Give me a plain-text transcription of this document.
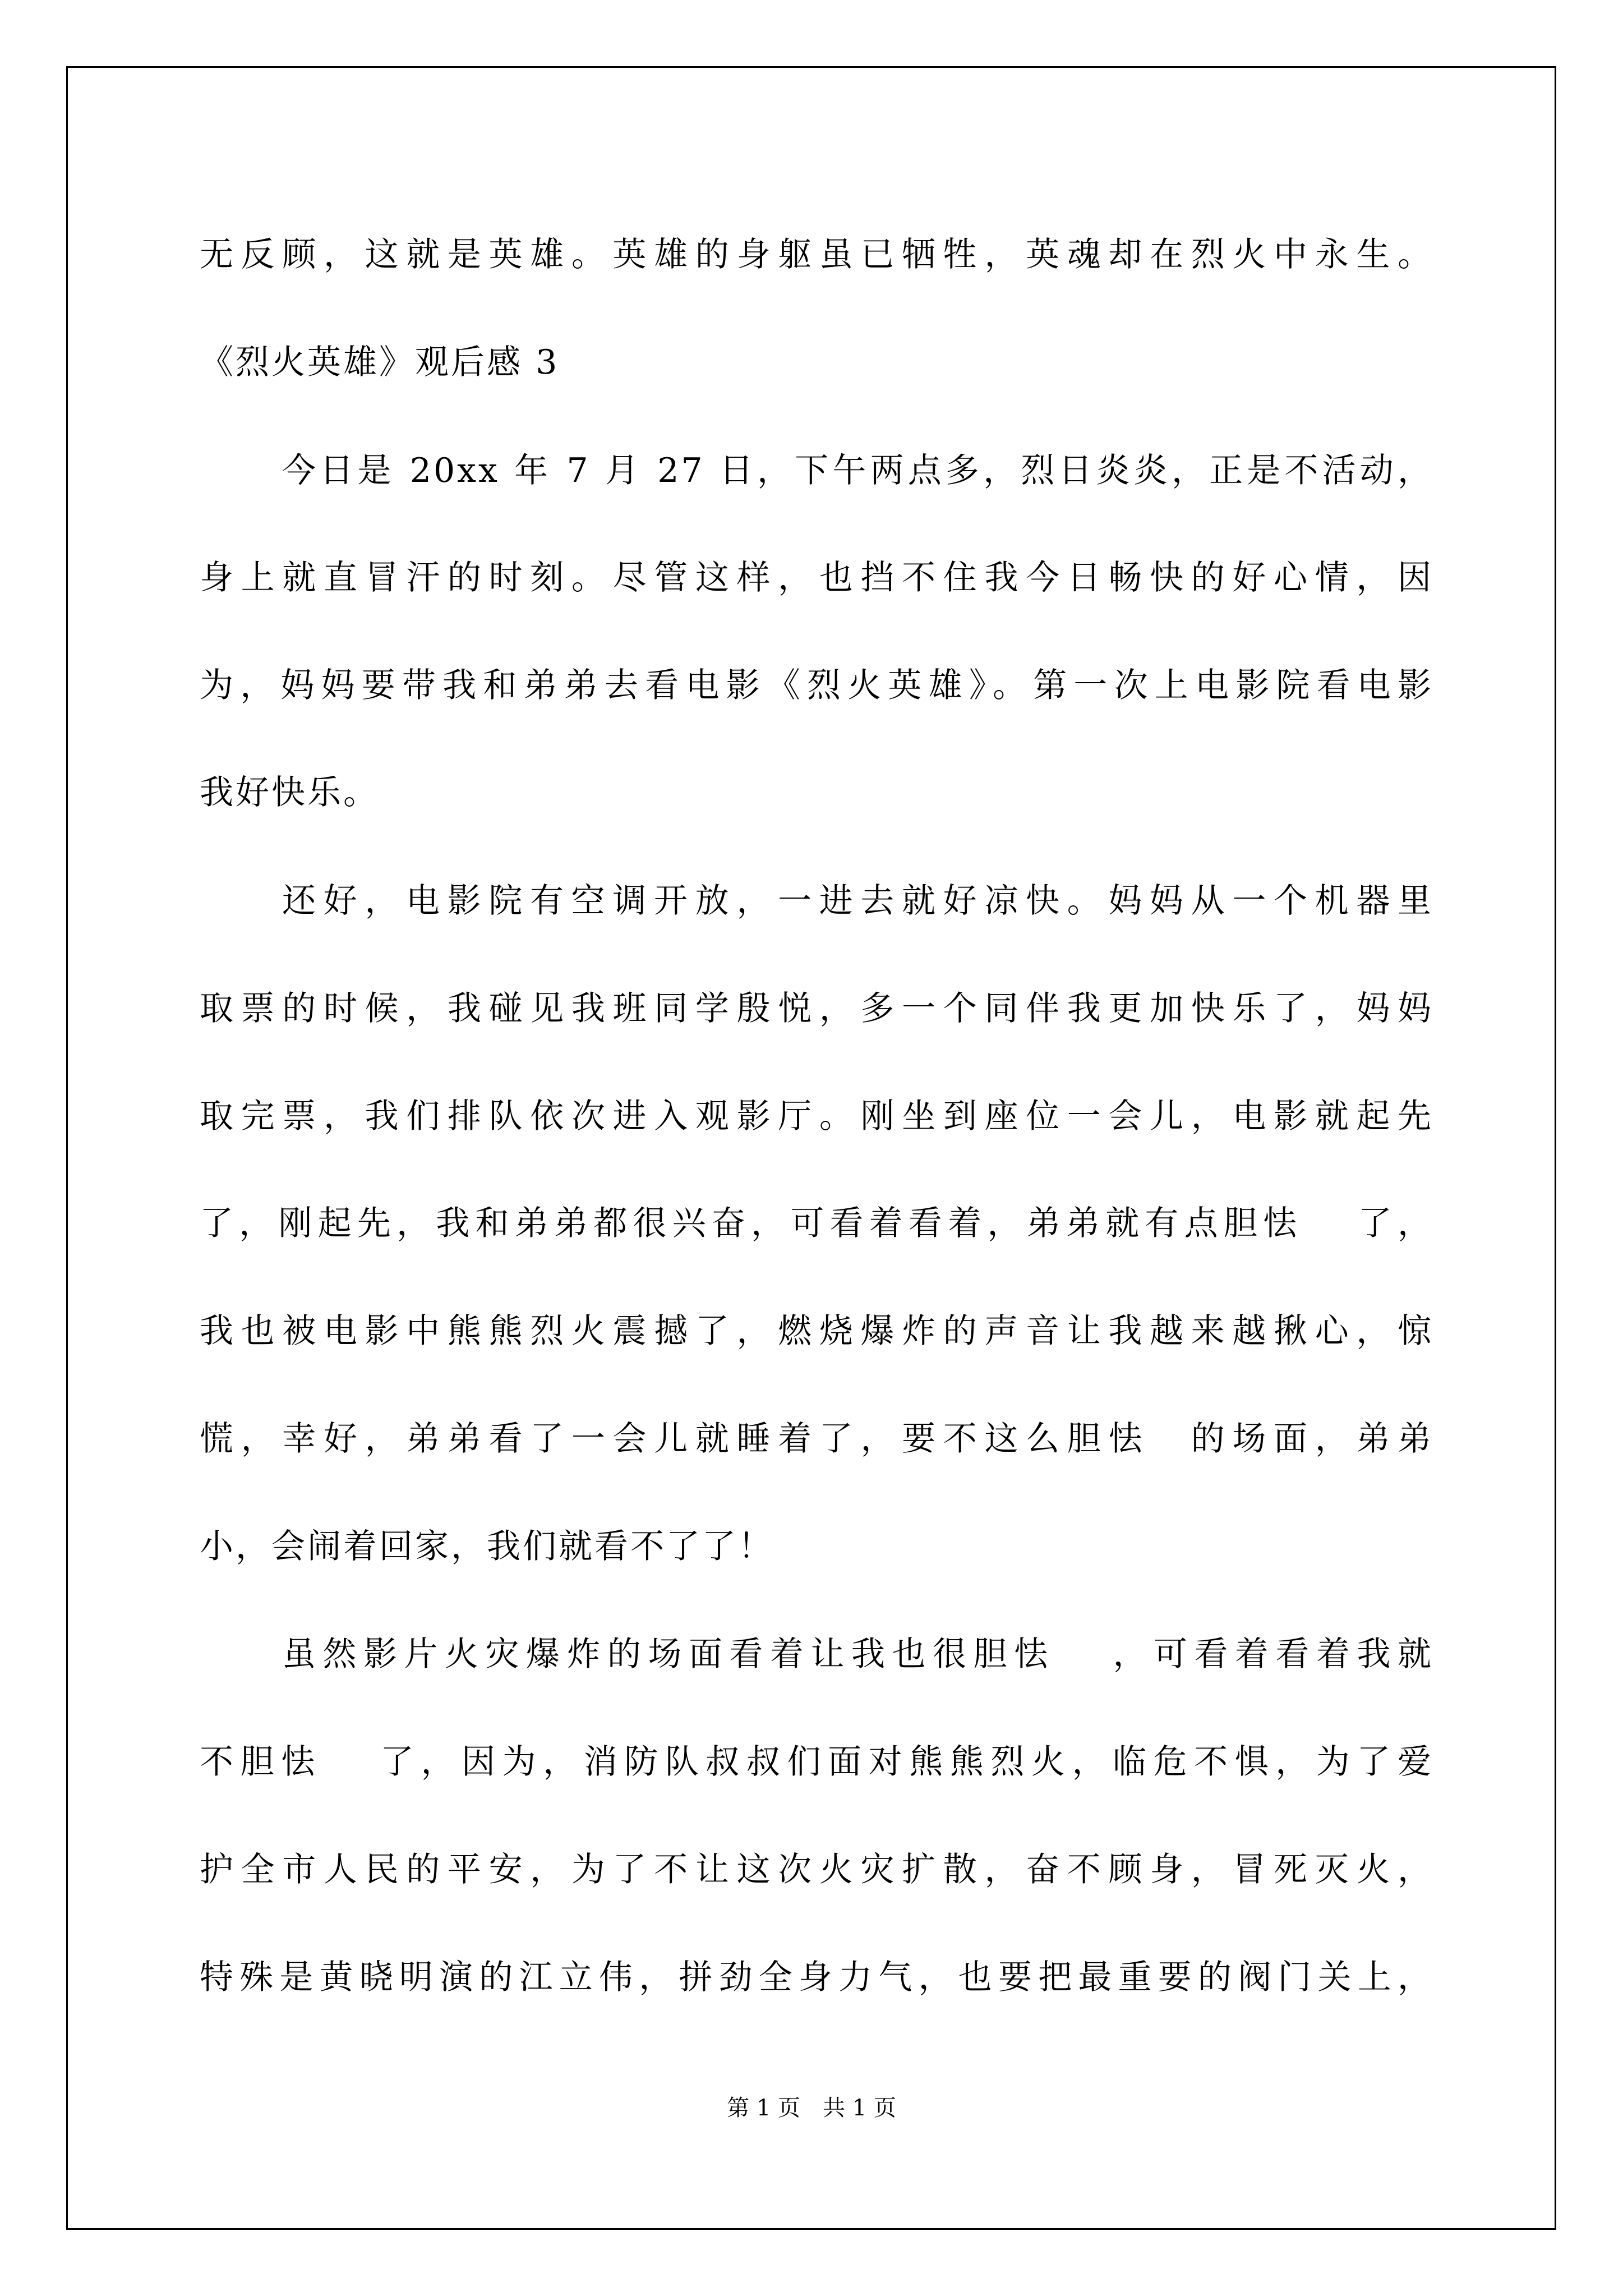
无反顾，这就是英雄。英雄的身躯虽已牺牲，英魂却在烈火中永生。
《烈火英雄》观后感 3
今日是 20xx 年 7 月 27 日，下午两点多，烈日炎炎，正是不活动，
身上就直冒汗的时刻。尽管这样，也挡不住我今日畅快的好心情，因
为，妈妈要带我和弟弟去看电影《烈火英雄》。第一次上电影院看电影
我好快乐。
还好，电影院有空调开放，一进去就好凉快。妈妈从一个机器里
取票的时候，我碰见我班同学殷悦，多一个同伴我更加快乐了，妈妈
取完票，我们排队依次进入观影厅。刚坐到座位一会儿，电影就起先
了，刚起先，我和弟弟都很兴奋，可看着看着，弟弟就有点胆怯　 了，
我也被电影中熊熊烈火震撼了，燃烧爆炸的声音让我越来越揪心，惊
慌，幸好，弟弟看了一会儿就睡着了，要不这么胆怯　的场面，弟弟
小，会闹着回家，我们就看不了了！
虽然影片火灾爆炸的场面看着让我也很胆怯　 ，可看着看着我就
不胆怯　 了，因为，消防队叔叔们面对熊熊烈火，临危不惧，为了爱
护全市人民的平安，为了不让这次火灾扩散，奋不顾身，冒死灭火，
特殊是黄晓明演的江立伟，拼劲全身力气，也要把最重要的阀门关上，
第 1 页　共 1 页
